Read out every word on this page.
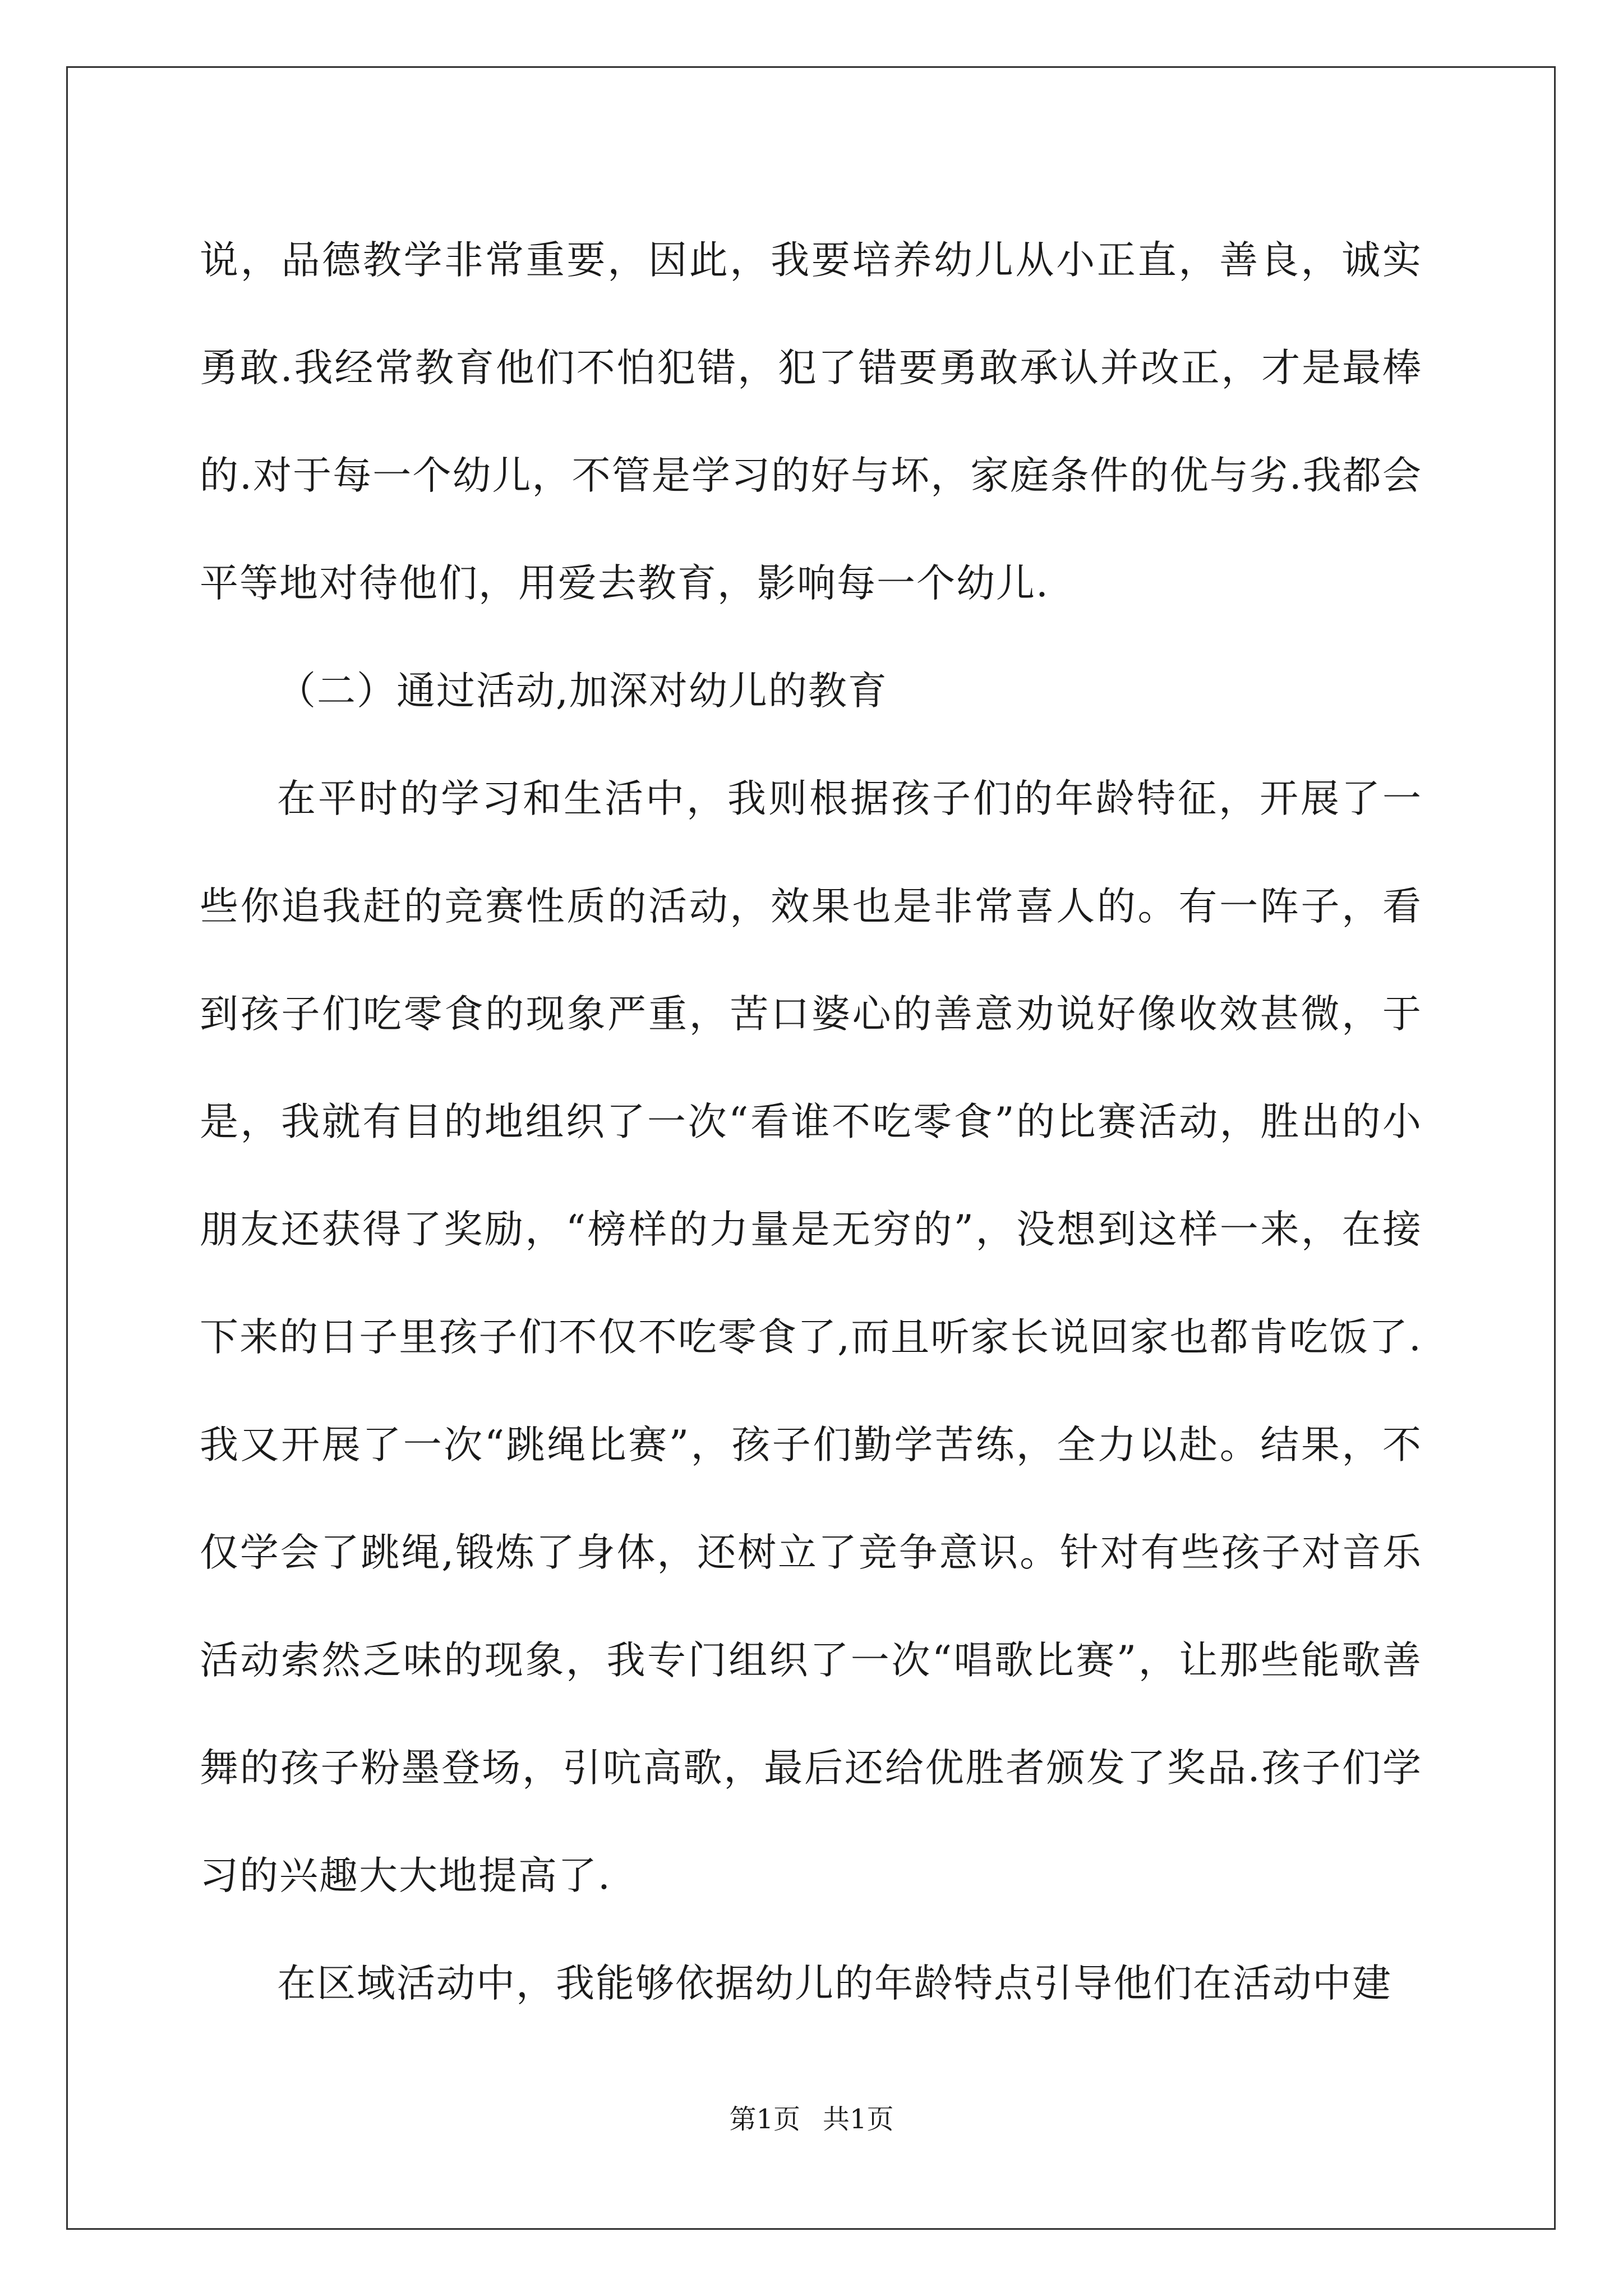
说，品德教学非常重要，因此，我要培养幼儿从小正直，善良，诚实勇敢.我经常教育他们不怕犯错，犯了错要勇敢承认并改正，才是最棒的.对于每一个幼儿，不管是学习的好与坏，家庭条件的优与劣.我都会平等地对待他们，用爱去教育，影响每一个幼儿.

（二）通过活动,加深对幼儿的教育

在平时的学习和生活中，我则根据孩子们的年龄特征，开展了一些你追我赶的竞赛性质的活动，效果也是非常喜人的。有一阵子，看到孩子们吃零食的现象严重，苦口婆心的善意劝说好像收效甚微，于是，我就有目的地组织了一次“看谁不吃零食”的比赛活动，胜出的小朋友还获得了奖励，“榜样的力量是无穷的”，没想到这样一来，在接下来的日子里孩子们不仅不吃零食了,而且听家长说回家也都肯吃饭了.我又开展了一次“跳绳比赛”，孩子们勤学苦练，全力以赴。结果，不仅学会了跳绳,锻炼了身体，还树立了竞争意识。针对有些孩子对音乐活动索然乏味的现象，我专门组织了一次“唱歌比赛”，让那些能歌善舞的孩子粉墨登场，引吭高歌，最后还给优胜者颁发了奖品.孩子们学习的兴趣大大地提高了.

在区域活动中，我能够依据幼儿的年龄特点引导他们在活动中建

第1页 共1页
